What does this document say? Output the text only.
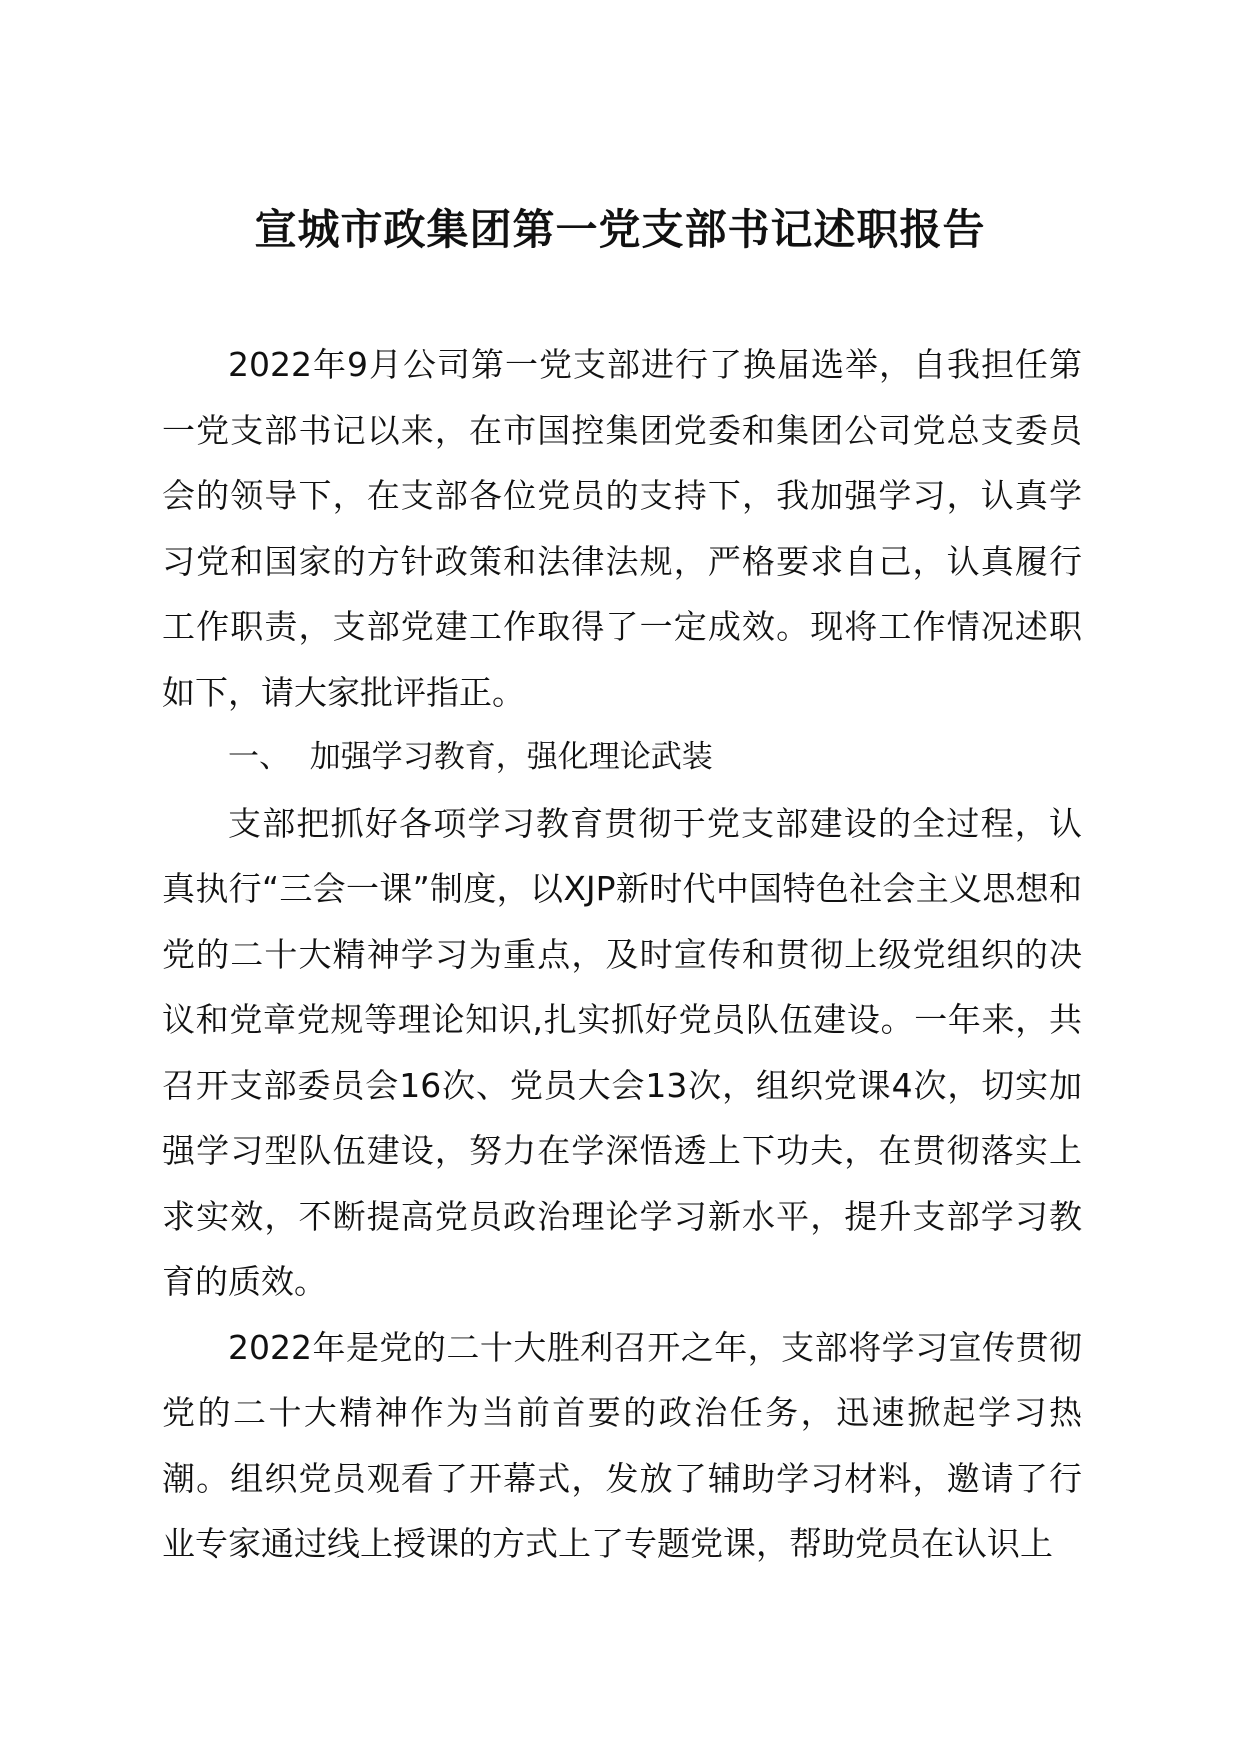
宣城市政集团第一党支部书记述职报告

2022年9月公司第一党支部进行了换届选举，自我担任第一党支部书记以来，在市国控集团党委和集团公司党总支委员会的领导下，在支部各位党员的支持下，我加强学习，认真学习党和国家的方针政策和法律法规，严格要求自己，认真履行工作职责，支部党建工作取得了一定成效。现将工作情况述职如下，请大家批评指正。

一、  加强学习教育，强化理论武装

支部把抓好各项学习教育贯彻于党支部建设的全过程，认真执行“三会一课”制度，以XJP新时代中国特色社会主义思想和党的二十大精神学习为重点，及时宣传和贯彻上级党组织的决议和党章党规等理论知识,扎实抓好党员队伍建设。一年来，共召开支部委员会16次、党员大会13次，组织党课4次，切实加强学习型队伍建设，努力在学深悟透上下功夫，在贯彻落实上求实效，不断提高党员政治理论学习新水平，提升支部学习教育的质效。

2022年是党的二十大胜利召开之年，支部将学习宣传贯彻党的二十大精神作为当前首要的政治任务，迅速掀起学习热潮。组织党员观看了开幕式，发放了辅助学习材料，邀请了行业专家通过线上授课的方式上了专题党课，帮助党员在认识上
